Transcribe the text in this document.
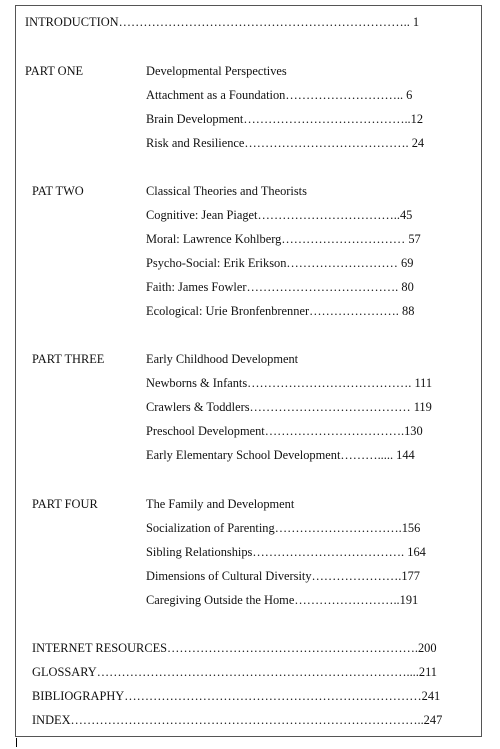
INTRODUCTION…………………………………………………………….. 1
PART ONE	Developmental Perspectives
Attachment as a Foundation……………………….. 6
Brain Development…………………………………..12
Risk and Resilience…………………………………. 24
PAT TWO	Classical Theories and Theorists
Cognitive: Jean Piaget……………………………..45
Moral: Lawrence Kohlberg………………………… 57
Psycho-Social: Erik Erikson……………………… 69
Faith: James Fowler………………………………. 80
Ecological: Urie Bronfenbrenner…………………. 88
PART THREE	Early Childhood Development
Newborns & Infants…………………………………. 111
Crawlers & Toddlers………………………………… 119
Preschool Development…………………………….130
Early Elementary School Development………..... 144
PART FOUR	The Family and Development
Socialization of Parenting………………………….156
Sibling Relationships………………………………. 164
Dimensions of Cultural Diversity………………….177
Caregiving Outside the Home……………………..191
INTERNET RESOURCES…………………………………………………….200
GLOSSARY…………………………………………………………………....211
BIBLIOGRAPHY………………………………………………………………241
INDEX…………………………………………………………………………..247
